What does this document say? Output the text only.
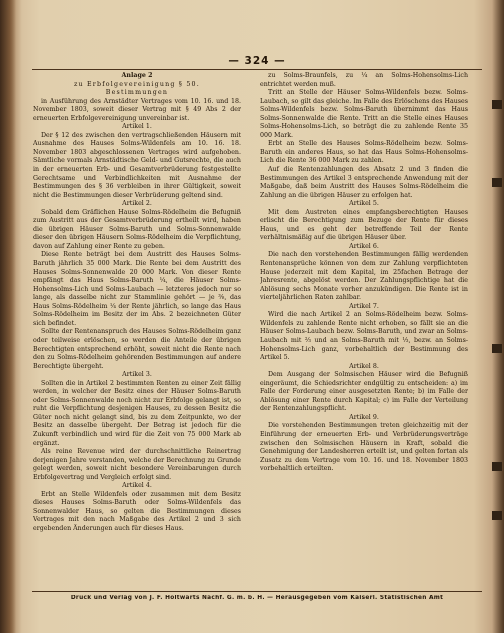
— 324 —

Anlage 2

zu Erbfolgevereinigung § 50.

Bestimmungen

in Ausführung des Arnstädter Vertrages vom 10. 16. und 18. November 1803, soweit dieser Vertrag mit § 49 Abs 2 der erneuerten Erbfolgevereinigung unvereinbar ist.

Artikel 1.

Der § 12 des zwischen den vertragschließenden Häusern mit Ausnahme des Hauses Solms-Wildenfels am 10. 16. 18. November 1803 abgeschlossenen Vertrages wird aufgehoben. Sämtliche vormals Arnstädtische Geld- und Gutsrechte, die auch in der erneuerten Erb- und Gesamtverbrüderung festgestellte Gerechtsame und Verbindlichkeiten mit Ausnahme der Bestimmungen des § 36 verbleiben in ihrer Gültigkeit, soweit nicht die Bestimmungen dieser Verbrüderung geltend sind.

Artikel 2.

Sobald dem Gräflichen Hause Solms-Rödelheim die Befugniß zum Austritt aus der Gesamtverbrüderung ertheilt wird, haben die übrigen Häuser Solms-Baruth und Solms-Sonnenwalde dieser den übrigen Häusern Solms-Rödelheim die Verpflichtung, davon auf Zahlung einer Rente zu geben.

Diese Rente beträgt bei dem Austritt des Hauses Solms-Baruth jährlich 35 000 Mark. Die Rente bei dem Austritt des Hauses Solms-Sonnenwalde 20 000 Mark. Von dieser Rente empfängt das Haus Solms-Baruth ¼, die Häuser Solms-Hohensolms-Lich und Solms-Laubach — letzteres jedoch nur so lange, als dasselbe nicht zur Stammlinie gehört — je ⅜, das Haus Solms-Rödelheim ¼ der Rente jährlich, so lange das Haus Solms-Rödelheim im Besitz der im Abs. 2 bezeichneten Güter sich befindet.

Sollte der Rentenanspruch des Hauses Solms-Rödelheim ganz oder teilweise erlöschen, so werden die Anteile der übrigen Berechtigten entsprechend erhöht, soweit nicht die Rente nach den zu Solms-Rödelheim gehörenden Bestimmungen auf andere Berechtigte übergeht.

Artikel 3.

Sollten die in Artikel 2 bestimmten Renten zu einer Zeit fällig werden, in welcher der Besitz eines der Häuser Solms-Baruth oder Solms-Sonnenwalde noch nicht zur Erbfolge gelangt ist, so ruht die Verpflichtung desjenigen Hauses, zu dessen Besitz die Güter noch nicht gelangt sind, bis zu dem Zeitpunkte, wo der Besitz an dasselbe übergeht. Der Betrag ist jedoch für die Zukunft verbindlich und wird für die Zeit von 75 000 Mark ab ergänzt.

Als reine Revenue wird der durchschnittliche Reinertrag derjenigen Jahre verstanden, welche der Berechnung zu Grunde gelegt werden, soweit nicht besondere Vereinbarungen durch Erbfolgevertrag und Vergleich erfolgt sind.

Artikel 4.

Erbt an Stelle Wildenfels oder zusammen mit dem Besitz dieses Hauses Solms-Baruth oder Solms-Wildenfels das Sonnenwalder Haus, so gelten die Bestimmungen dieses Vertrages mit den nach Maßgabe des Artikel 2 und 3 sich ergebenden Änderungen auch für dieses Haus.

zu Solms-Braunfels, zu ¼ an Solms-Hohensolms-Lich entrichtet werden muß.

Tritt an Stelle der Häuser Solms-Wildenfels bezw. Solms-Laubach, so gilt das gleiche. Im Falle des Erlöschens des Hauses Solms-Wildenfels bezw. Solms-Baruth übernimmt das Haus Solms-Sonnenwalde die Rente. Tritt an die Stelle eines Hauses Solms-Hohensolms-Lich, so beträgt die zu zahlende Rente 35 000 Mark.

Erbt an Stelle des Hauses Solms-Rödelheim bezw. Solms-Baruth ein anderes Haus, so hat das Haus Solms-Hohensolms-Lich die Rente 36 000 Mark zu zahlen.

Auf die Rentenzahlungen des Absatz 2 und 3 finden die Bestimmungen des Artikel 3 entsprechende Anwendung mit der Maßgabe, daß beim Austritt des Hauses Solms-Rödelheim die Zahlung an die übrigen Häuser zu erfolgen hat.

Artikel 5.

Mit dem Austreten eines empfangsberechtigten Hauses erlischt die Berechtigung zum Bezuge der Rente für dieses Haus, und es geht der betreffende Teil der Rente verhältnismäßig auf die übrigen Häuser über.

Artikel 6.

Die nach den vorstehenden Bestimmungen fällig werdenden Rentenansprüche können von dem zur Zahlung verpflichteten Hause jederzeit mit dem Kapital, im 25fachen Betrage der Jahresrente, abgelöst werden. Der Zahlungspflichtige hat die Ablösung sechs Monate vorher anzukündigen. Die Rente ist in vierteljährlichen Raten zahlbar.

Artikel 7.

Wird die nach Artikel 2 an Solms-Rödelheim bezw. Solms-Wildenfels zu zahlende Rente nicht erhoben, so fällt sie an die Häuser Solms-Laubach bezw. Solms-Baruth, und zwar an Solms-Laubach mit ⅔ und an Solms-Baruth mit ⅓, bezw. an Solms-Hohensolms-Lich ganz, vorbehaltlich der Bestimmung des Artikel 5.

Artikel 8.

Dem Ausgang der Solmsischen Häuser wird die Befugniß eingeräumt, die Schiedsrichter endgültig zu entscheiden: a) im Falle der Forderung einer ausgesetzten Rente; b) im Falle der Ablösung einer Rente durch Kapital; c) im Falle der Verteilung der Rentenzahlungspflicht.

Artikel 9.

Die vorstehenden Bestimmungen treten gleichzeitig mit der Einführung der erneuerten Erb- und Verbrüderungsverträge zwischen den Solmsischen Häusern in Kraft, sobald die Genehmigung der Landesherren erteilt ist, und gelten fortan als Zusatz zu dem Vertrage vom 10. 16. und 18. November 1803 vorbehaltlich erteilten.

Druck und Verlag von J. F. Holtwarts Nachf. G. m. b. H. — Herausgegeben vom Kaiserl. Statistischen Amt
